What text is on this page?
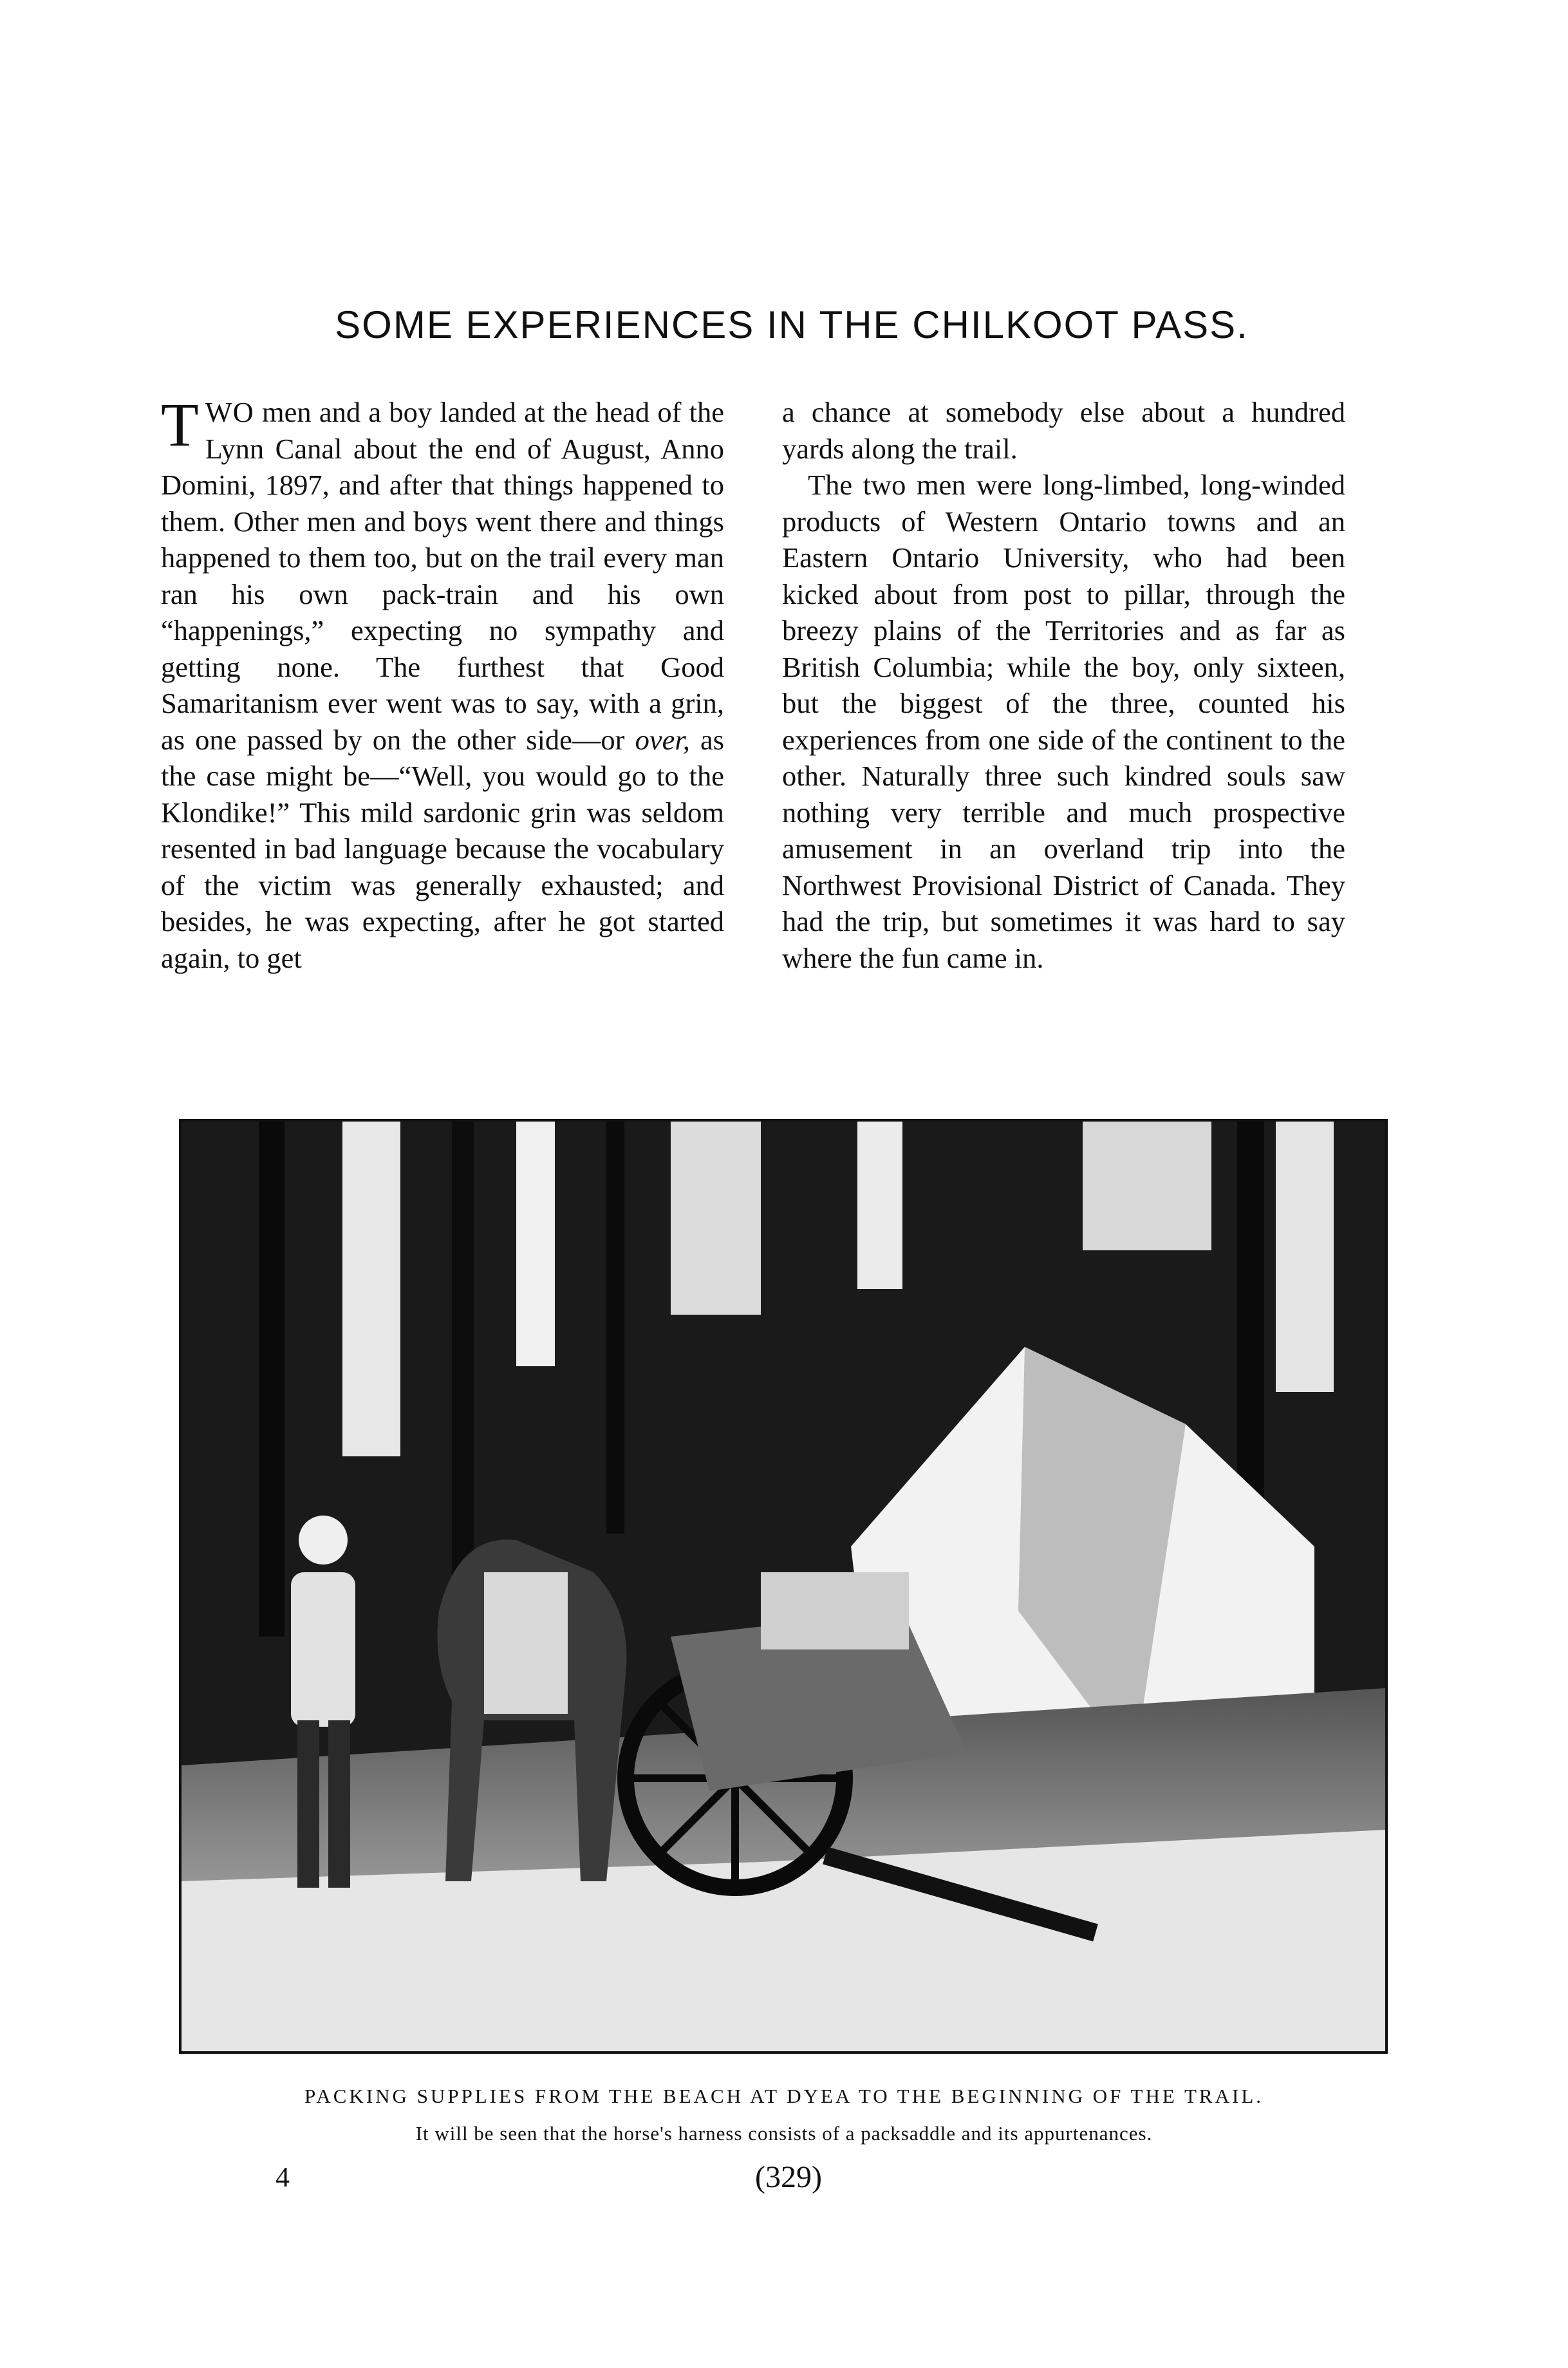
SOME EXPERIENCES IN THE CHILKOOT PASS.

TWO men and a boy landed at the head of the Lynn Canal about the end of August, Anno Domini, 1897, and after that things happened to them. Other men and boys went there and things happened to them too, but on the trail every man ran his own pack-train and his own “happenings,” expecting no sympathy and getting none. The furthest that Good Samaritanism ever went was to say, with a grin, as one passed by on the other side—or over, as the case might be—“Well, you would go to the Klondike!” This mild sardonic grin was seldom resented in bad language because the vocabulary of the victim was generally exhausted; and besides, he was expecting, after he got started again, to get

a chance at somebody else about a hundred yards along the trail.

The two men were long-limbed, long-winded products of Western Ontario towns and an Eastern Ontario University, who had been kicked about from post to pillar, through the breezy plains of the Territories and as far as British Columbia; while the boy, only sixteen, but the biggest of the three, counted his experiences from one side of the continent to the other. Naturally three such kindred souls saw nothing very terrible and much prospective amusement in an overland trip into the Northwest Provisional District of Canada. They had the trip, but sometimes it was hard to say where the fun came in.

PACKING SUPPLIES FROM THE BEACH AT DYEA TO THE BEGINNING OF THE TRAIL.
It will be seen that the horse's harness consists of a packsaddle and its appurtenances.
4	(329)
